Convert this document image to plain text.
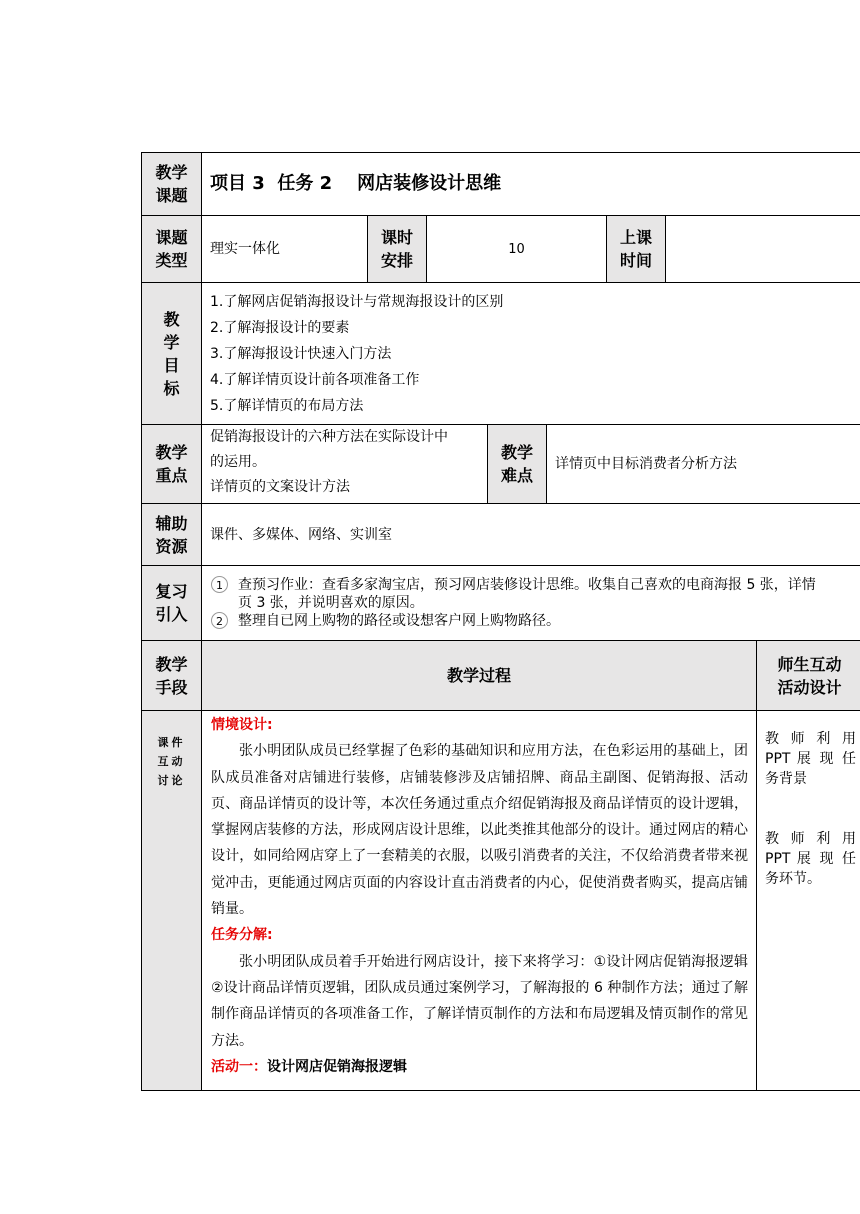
教学
课题
项目 3  任务 2    网店装修设计思维
课题
类型
理实一体化
课时
安排
10
上课
时间
教
学
目
标
1.了解网店促销海报设计与常规海报设计的区别
2.了解海报设计的要素
3.了解海报设计快速入门方法
4.了解详情页设计前各项准备工作
5.了解详情页的布局方法
教学
重点
促销海报设计的六种方法在实际设计中
的运用。
详情页的文案设计方法
教学
难点
详情页中目标消费者分析方法
辅助
资源
课件、多媒体、网络、实训室
复习
引入
1	查预习作业：查看多家淘宝店，预习网店装修设计思维。收集自己喜欢的电商海报 5 张，详情
页 3 张，并说明喜欢的原因。
2	整理自已网上购物的路径或设想客户网上购物路径。
教学
手段
教学过程
师生互动
活动设计
课件
互动
讨论
情境设计:
张小明团队成员已经掌握了色彩的基础知识和应用方法，在色彩运用的基础上，团队成员准备对店铺进行装修，店铺装修涉及店铺招牌、商品主副图、促销海报、活动页、商品详情页的设计等，本次任务通过重点介绍促销海报及商品详情页的设计逻辑，掌握网店装修的方法，形成网店设计思维，以此类推其他部分的设计。通过网店的精心设计，如同给网店穿上了一套精美的衣服，以吸引消费者的关注，不仅给消费者带来视觉冲击，更能通过网店页面的内容设计直击消费者的内心，促使消费者购买，提高店铺销量。
任务分解:
张小明团队成员着手开始进行网店设计，接下来将学习：①设计网店促销海报逻辑②设计商品详情页逻辑，团队成员通过案例学习，了解海报的 6 种制作方法；通过了解制作商品详情页的各项准备工作，了解详情页制作的方法和布局逻辑及情页制作的常见方法。
活动一：设计网店促销海报逻辑
教 师 利 用 PPT 展 现 任 务背景
教 师 利 用 PPT 展 现 任 务环节。
